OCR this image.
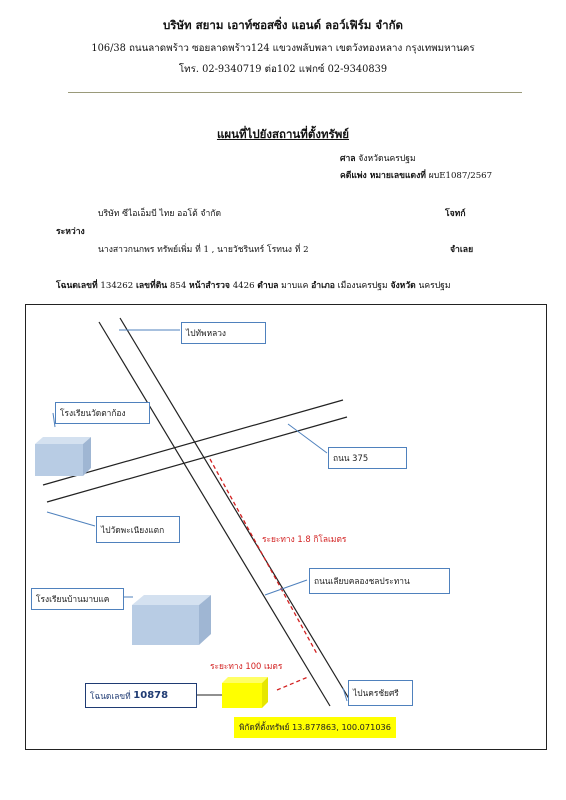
บริษัท สยาม เอาท์ซอสซิ่ง แอนด์ ลอว์เฟิร์ม จำกัด
106/38 ถนนลาดพร้าว ซอยลาดพร้าว124 แขวงพลับพลา เขตวังทองหลาง กรุงเทพมหานคร
โทร. 02-9340719 ต่อ102 แฟกซ์ 02-9340839
แผนที่ไปยังสถานที่ตั้งทรัพย์
ศาล จังหวัดนครปฐม
คดีแพ่ง หมายเลขแดงที่ ผบE1087/2567
บริษัท ซีไอเอ็มบี ไทย ออโต้ จำกัด	โจทก์
ระหว่าง
นางสาวกนกพร ทรัพย์เพิ่ม ที่ 1 , นายวัชรินทร์ โรทนง ที่ 2	จำเลย
โฉนดเลขที่ 134262 เลขที่ดิน 854 หน้าสำรวจ 4426 ตำบล มาบแค อำเภอ เมืองนครปฐม จังหวัด นครปฐม
ไปทัพหลวง
โรงเรียนวัดตาก้อง
ถนน 375
ไปวัดพะเนียงแตก
ถนนเลียบคลองชลประทาน
โรงเรียนบ้านมาบแค
ไปนครชัยศรี
ระยะทาง 1.8 กิโลเมตร
ระยะทาง 100 เมตร
โฉนดเลขที่
10878
พิกัดที่ตั้งทรัพย์ 13.877863, 100.071036
